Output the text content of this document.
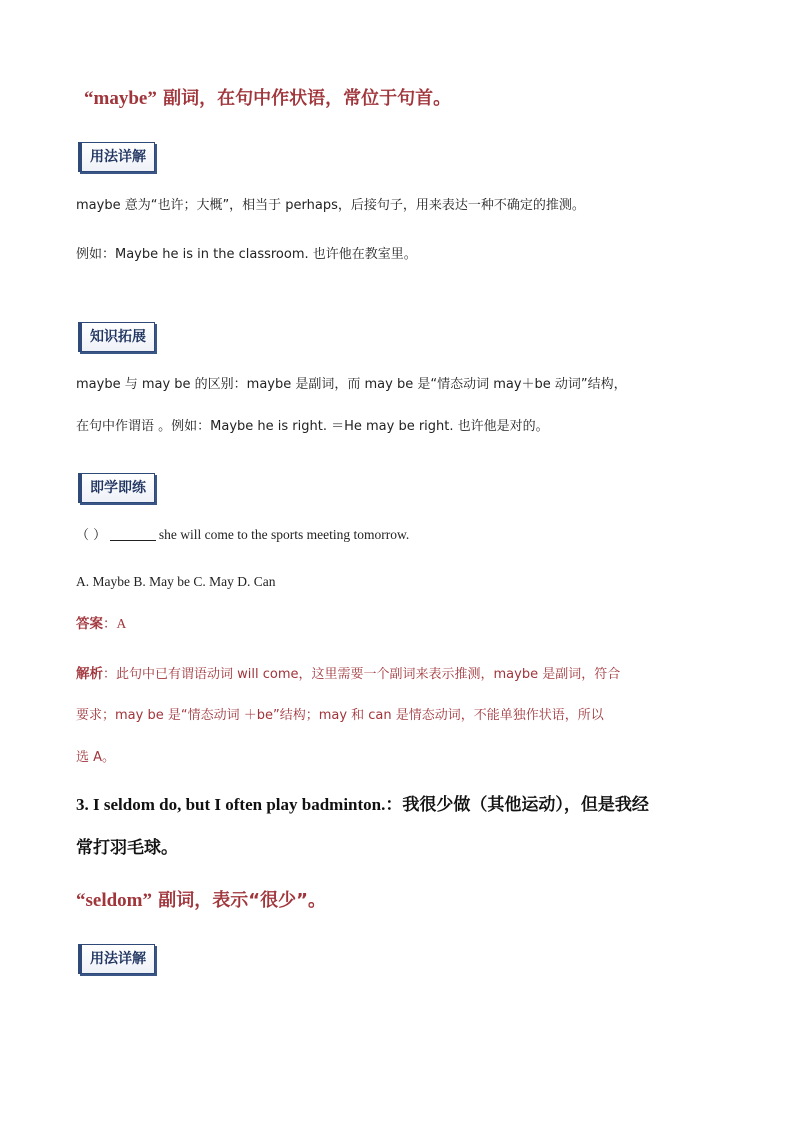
“maybe” 副词，在句中作状语，常位于句首。
用法详解
maybe 意为“也许；大概”，相当于 perhaps，后接句子，用来表达一种不确定的推测。
例如：Maybe he is in the classroom. 也许他在教室里。
知识拓展
maybe 与 may be 的区别：maybe 是副词，而 may be 是“情态动词 may＋be 动词”结构，
在句中作谓语 。例如：Maybe he is right. ＝He may be right. 也许他是对的。
即学即练
（ ）	she will come to the sports meeting tomorrow.
A. Maybe B. May be C. May D. Can
答案：A
解析：此句中已有谓语动词 will come，这里需要一个副词来表示推测，maybe 是副词，符合
要求；may be 是“情态动词 ＋be”结构；may 和 can 是情态动词，不能单独作状语，所以
选 A。
3. I seldom do, but I often play badminton.：我很少做（其他运动），但是我经
常打羽毛球。
“seldom” 副词，表示“很少”。
用法详解
